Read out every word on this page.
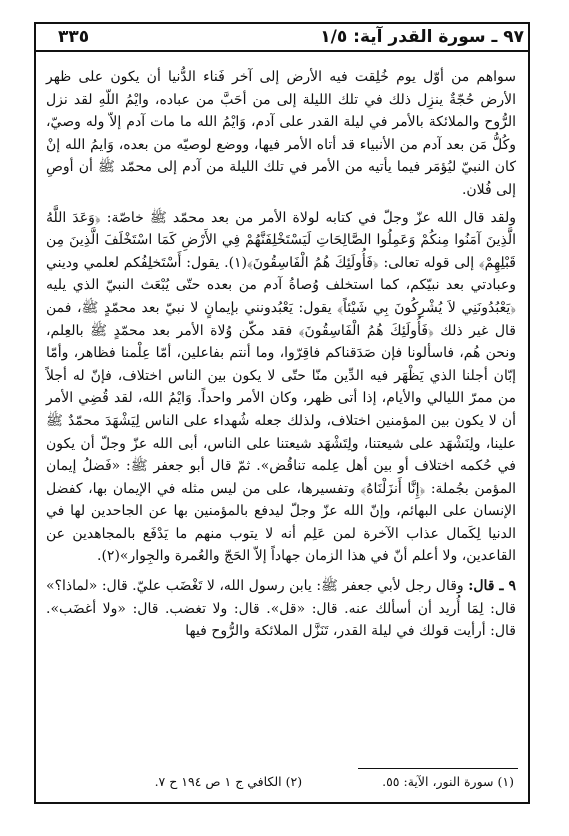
٩٧ ـ سورة القدر آية: ١/٥
٣٣٥

سواهم من أوّل يوم خُلِقت فيه الأرض إلى آخر فَناء الدُّنيا أن يكون على ظهر الأرض حُجّةٌ ينزِل ذلك في تلك الليلة إلى من أحَبَّ من عباده، وايْمُ اللّهِ لقد نزل الرُّوح والملائكة بالأمر في ليلة القدر على آدم، وَايْمُ الله ما مات آدم إلاّ وله وصيّ، وكُلُّ مَن بعد آدم من الأنبياء قد أتاه الأمر فيها، ووضع لوصيّه من بعده، وَايمُ الله إنْ كان النبيّ ليُؤمَر فيما يأتيه من الأمر في تلك الليلة من آدم إلى محمّد ﷺ أن أوصِ إلى فُلان.

ولقد قال الله عزّ وجلّ في كتابه لولاة الأمر من بعد محمّد ﷺ خاصّة: ﴿وَعَدَ اللَّهُ الَّذِينَ آمَنُوا مِنكُمْ وَعَمِلُوا الصَّالِحَاتِ لَيَسْتَخْلِفَنَّهُمْ فِي الأَرْضِ كَمَا اسْتَخْلَفَ الَّذِينَ مِن قَبْلِهِمْ﴾ إلى قوله تعالى: ﴿فَأُولَئِكَ هُمُ الْفَاسِقُونَ﴾(١). يقول: أَسْتَخلِفُكم لعلمي وديني وعبادتي بعد نبيّكم، كما استخلف وُصاةُ آدم من بعده حتّى يُبْعَث النبيّ الذي يليه ﴿يَعْبُدُونَنِي لاَ يُشْرِكُونَ بِي شَيْئاً﴾ يقول: يَعْبُدونني بإيمانٍ لا نبيّ بعد محمّدٍ ﷺ، فمن قال غير ذلك ﴿فَأُولَئِكَ هُمُ الْفَاسِقُونَ﴾ فقد مكّن وُلاة الأمر بعد محمّدٍ ﷺ بالعِلم، ونحن هُم، فاسألونا فإن صَدَقناكم فاقِرّوا، وما أنتم بفاعلين، أمّا عِلْمنا فظاهر، وأمّا إبّان أجلنا الذي يَظْهَر فيه الدِّين منّا حتّى لا يكون بين الناس اختلاف، فإنّ له أجلاً من ممرّ الليالي والأيام، إذا أتى ظهر، وكان الأمر واحداً. وَايْمُ الله، لقد قُضِي الأمر أن لا يكون بين المؤمنين اختلاف، ولذلك جعله شُهداء على الناس لِيَشْهَدَ محمّدٌ ﷺ علينا، ولِنَشْهَد على شيعتنا، ولِتَشْهَد شيعتنا على الناس، أبى الله عزّ وجلّ أن يكون في حُكمه اختلاف أو بين أهل عِلمه تناقُض». ثمّ قال أبو جعفر ﷺ: «فَضلُ إيمان المؤمن بجُملة: ﴿إِنَّا أَنزَلْنَاهُ﴾ وتفسيرها، على من ليس مثله في الإيمان بها، كفضل الإنسان على البهائم، وإنّ الله عزّ وجلّ ليدفع بالمؤمنين بها عن الجاحدين لها في الدنيا لِكَمال عذاب الآخرة لمن عَلِم أنه لا يتوب منهم ما يَدْفَع بالمجاهدين عن القاعدين، ولا أعلم أنّ في هذا الزمان جهاداً إلاّ الحَجّ والعُمرة والجِوار»(٢).

٩ ـ قال: وقال رجل لأبي جعفر ﷺ: يابن رسول الله، لا تَغْضَب عليّ. قال: «لماذا؟» قال: لِمَا أُريد أن أسألك عنه. قال: «قل». قال: ولا تغضب. قال: «ولا أغضَب». قال: أرأيت قولك في ليلة القدر، تَنَزَّل الملائكة والرُّوح فيها

(١) سورة النور، الآية: ٥٥.
(٢) الكافي ج ١ ص ١٩٤ ح ٧.
